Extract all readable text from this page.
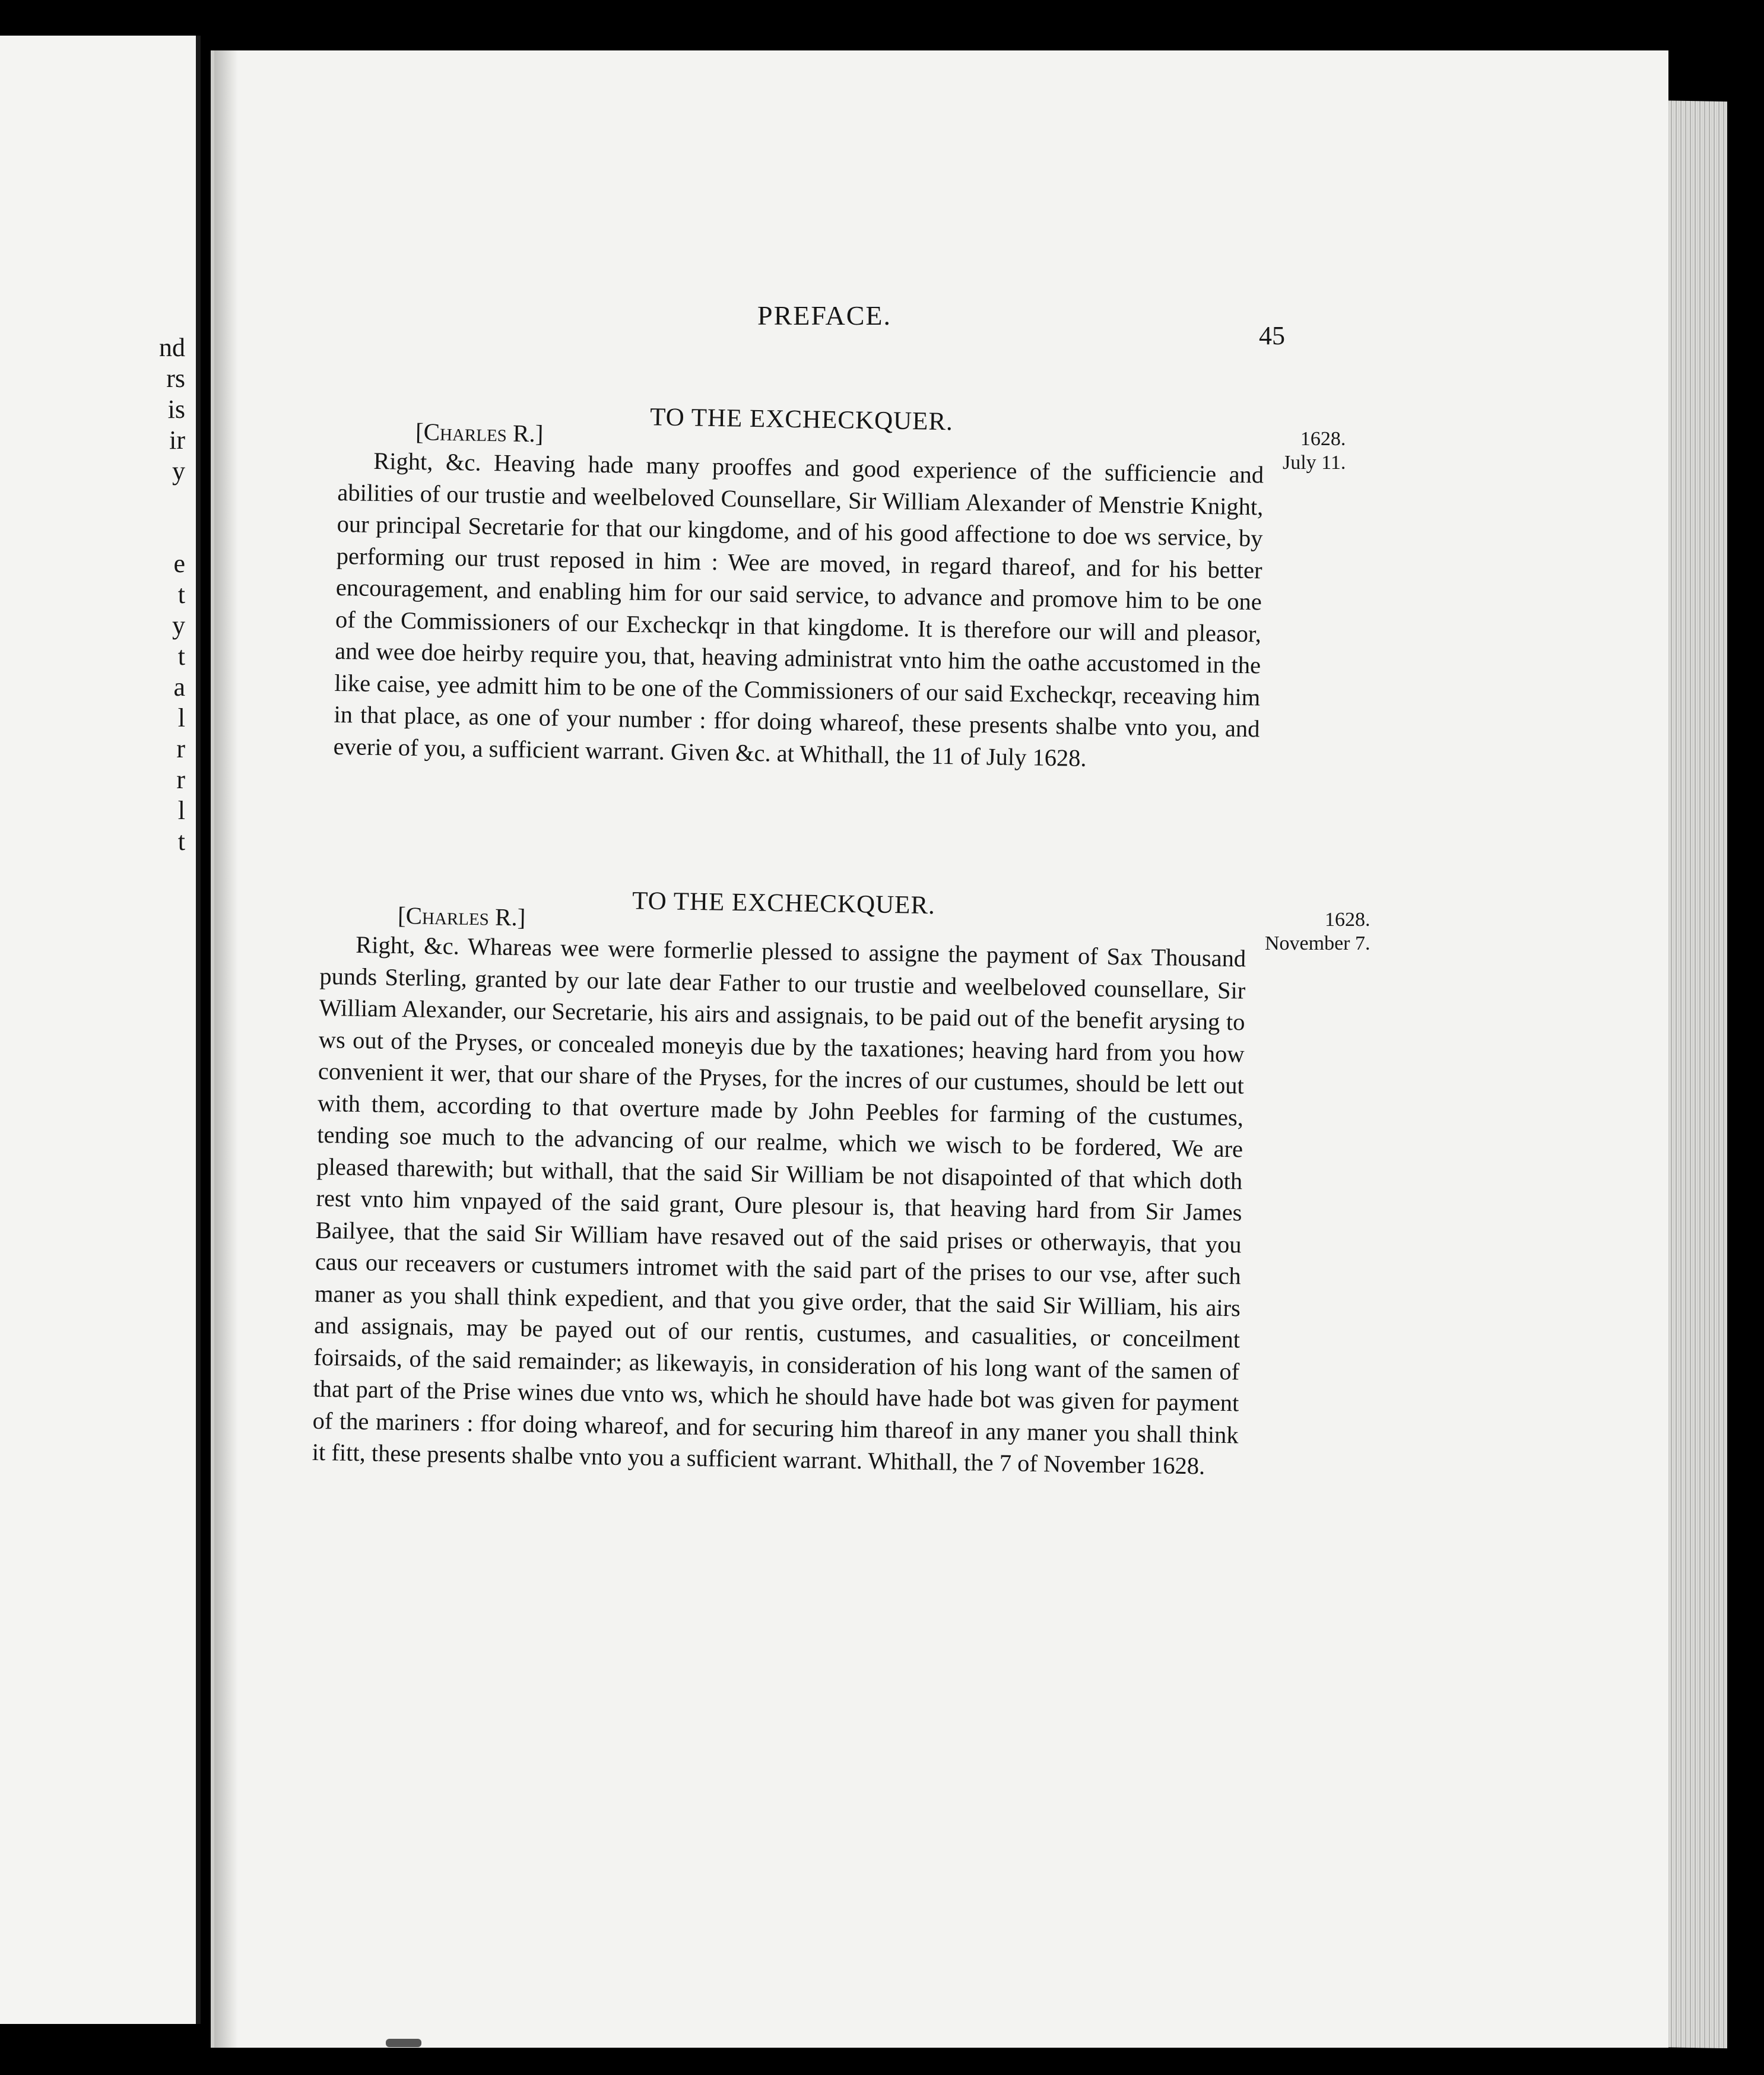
nd
rs
is
ir
y
e
t
y
t
a
l
r
r
l
t
PREFACE.
45
1628.
July 11.
TO THE EXCHECKQUER.
[Charles R.]

Right, &c. Heaving hade many prooffes and good experience of the sufficiencie and abilities of our trustie and weelbeloved Counsellare, Sir William Alexander of Menstrie Knight, our principal Secretarie for that our kingdome, and of his good affectione to doe ws service, by performing our trust reposed in him : Wee are moved, in regard thareof, and for his better encouragement, and enabling him for our said service, to advance and promove him to be one of the Commissioners of our Excheckqr in that kingdome. It is therefore our will and pleasor, and wee doe heirby require you, that, heaving administrat vnto him the oathe accustomed in the like caise, yee admitt him to be one of the Commissioners of our said Excheckqr, receaving him in that place, as one of your number : ffor doing whareof, these presents shalbe vnto you, and everie of you, a sufficient warrant. Given &c. at Whithall, the 11 of July 1628.

1628.
November 7.
TO THE EXCHECKQUER.
[Charles R.]

Right, &c. Whareas wee were formerlie plessed to assigne the payment of Sax Thousand punds Sterling, granted by our late dear Father to our trustie and weelbeloved counsellare, Sir William Alexander, our Secretarie, his airs and assignais, to be paid out of the benefit arysing to ws out of the Pryses, or concealed moneyis due by the taxationes; heaving hard from you how convenient it wer, that our share of the Pryses, for the incres of our custumes, should be lett out with them, according to that overture made by John Peebles for farming of the custumes, tending soe much to the advancing of our realme, which we wisch to be fordered, We are pleased tharewith; but withall, that the said Sir William be not disapointed of that which doth rest vnto him vnpayed of the said grant, Oure plesour is, that heaving hard from Sir James Bailyee, that the said Sir William have resaved out of the said prises or otherwayis, that you caus our receavers or custumers intromet with the said part of the prises to our vse, after such maner as you shall think expedient, and that you give order, that the said Sir William, his airs and assignais, may be payed out of our rentis, custumes, and casualities, or conceilment foirsaids, of the said remainder; as likewayis, in consideration of his long want of the samen of that part of the Prise wines due vnto ws, which he should have hade bot was given for payment of the mariners : ffor doing whareof, and for securing him thareof in any maner you shall think it fitt, these presents shalbe vnto you a sufficient warrant. Whithall, the 7 of November 1628.
